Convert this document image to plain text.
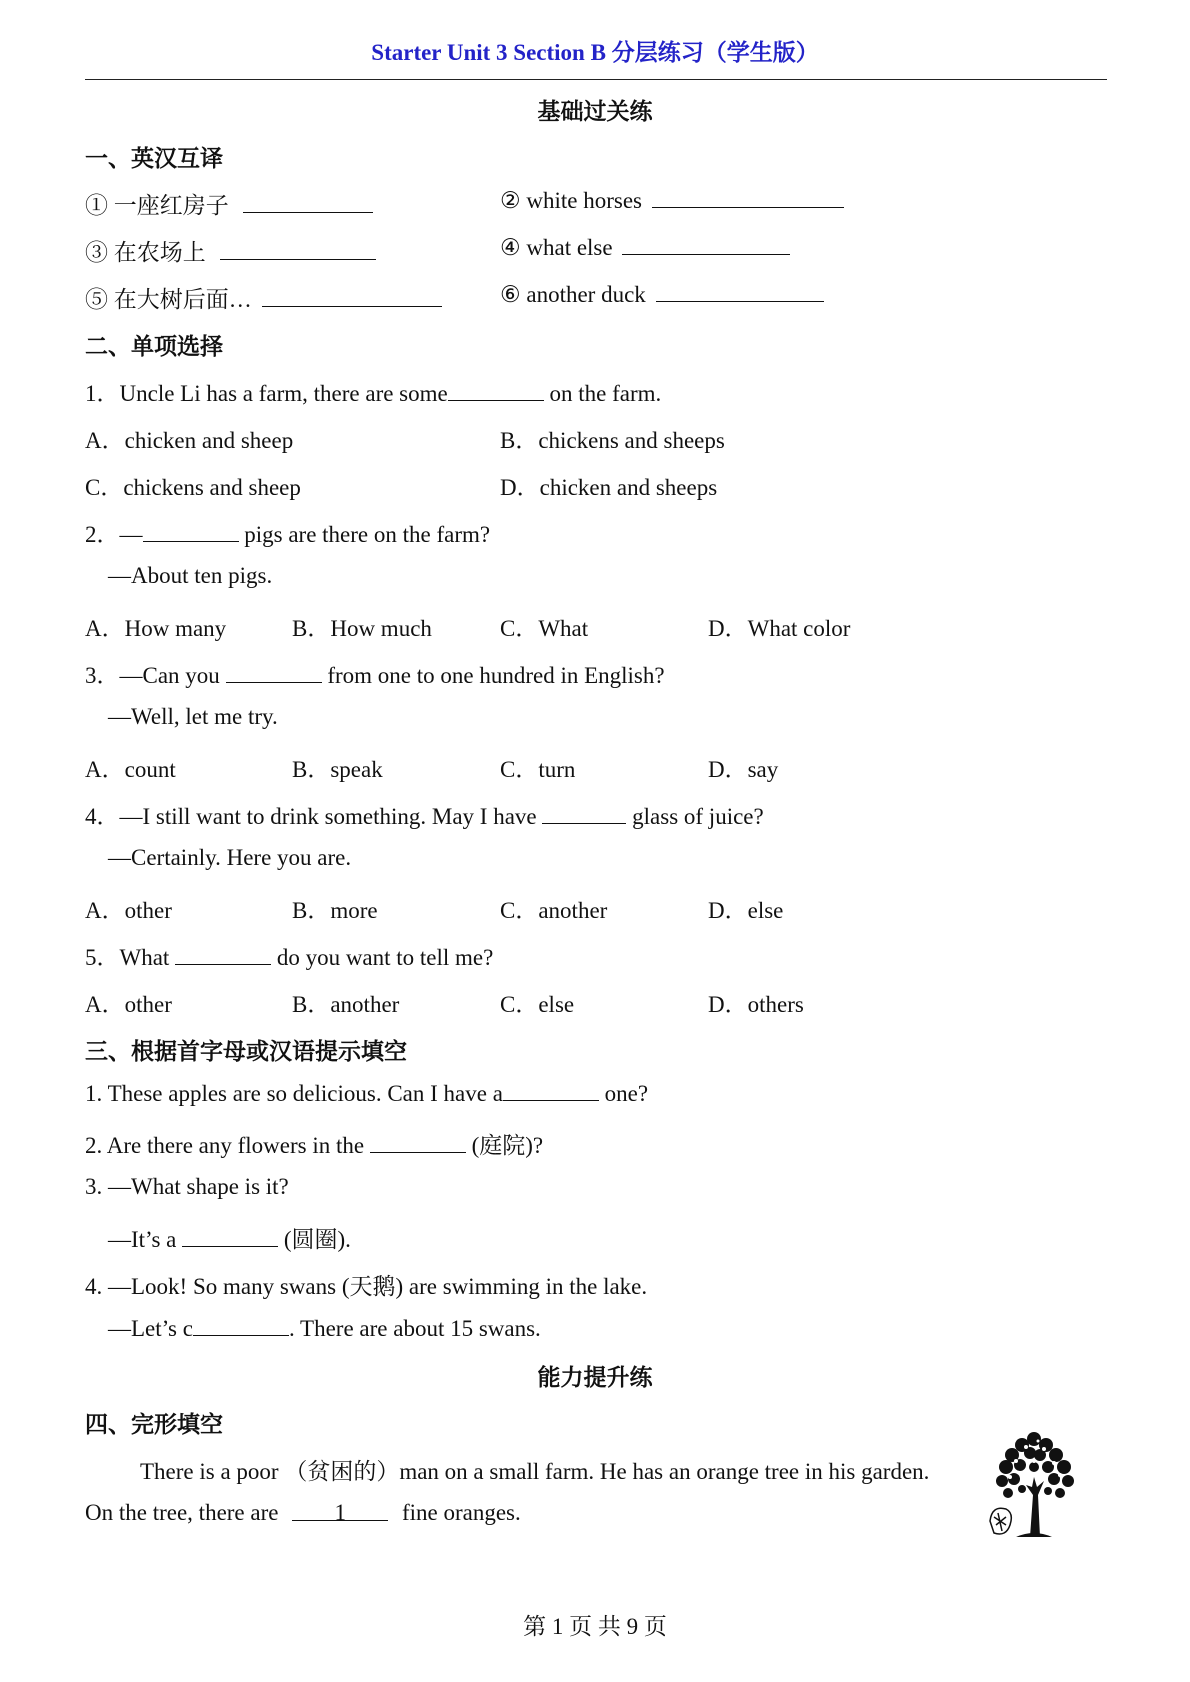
Starter Unit 3 Section B 分层练习（学生版）
基础过关练
一、英汉互译
① 一座红房子	② white horses
③ 在农场上	④ what else
⑤ 在大树后面…	⑥ another duck
二、单项选择
1．Uncle Li has a farm, there are some	on the farm.
A．chicken and sheep	B．chickens and sheeps
C．chickens and sheep	D．chicken and sheeps
2．—	pigs are there on the farm?
—About ten pigs.
A．How many	B．How much	C．What	D．What color
3．—Can you	from one to one hundred in English?
—Well, let me try.
A．count	B．speak	C．turn	D．say
4．—I still want to drink something. May I have	glass of juice?
—Certainly. Here you are.
A．other	B．more	C．another	D．else
5．What	do you want to tell me?
A．other	B．another	C．else	D．others
三、根据首字母或汉语提示填空
1. These apples are so delicious. Can I have a	one?
2. Are there any flowers in the	(庭院)?
3. —What shape is it?
—It’s a	(圆圈).
4. —Look! So many swans (天鹅) are swimming in the lake.
—Let’s c	. There are about 15 swans.
能力提升练
四、完形填空
There is a poor （贫困的）man on a small farm. He has an orange tree in his garden.
On the tree, there are 1 fine oranges.
第 1 页 共 9 页
